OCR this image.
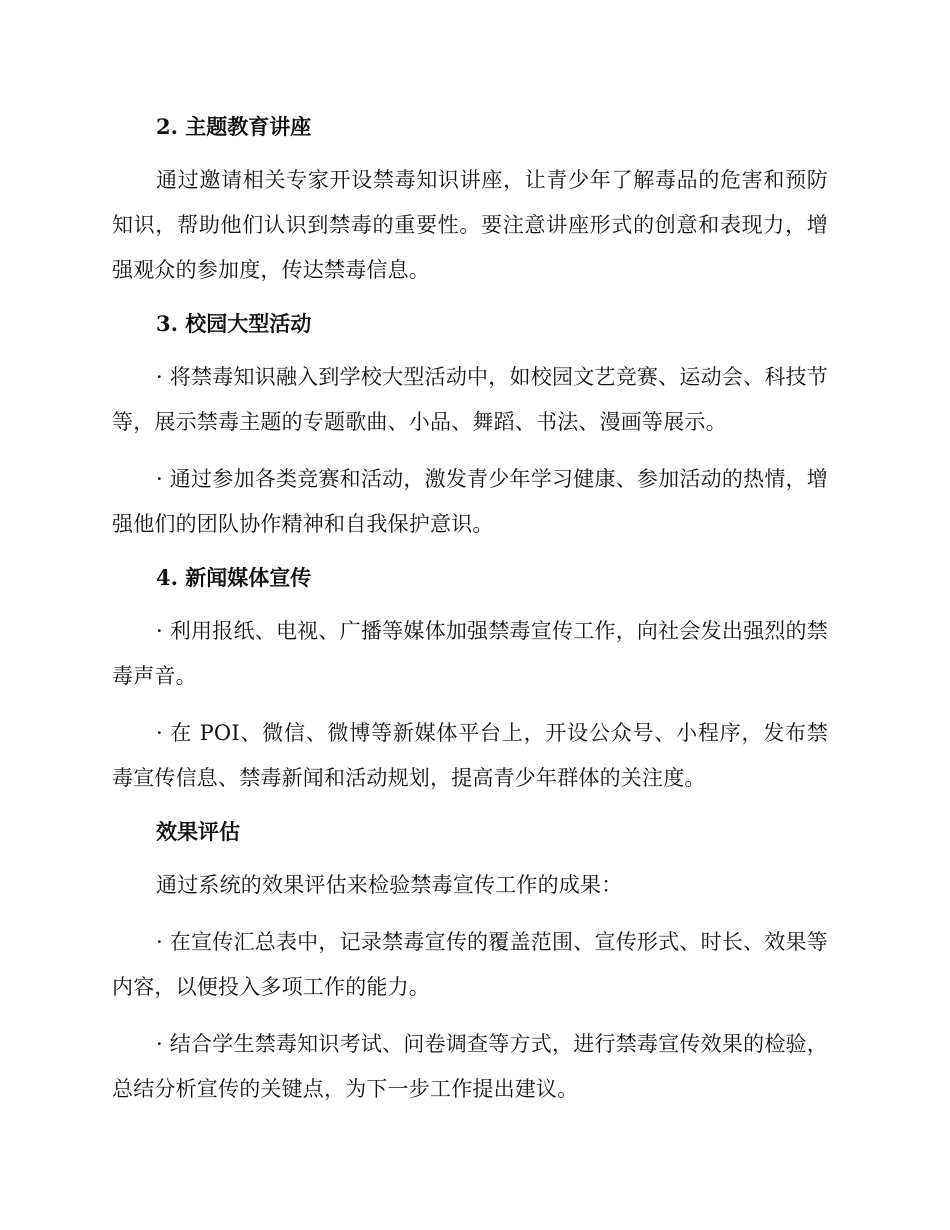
2. 主题教育讲座

通过邀请相关专家开设禁毒知识讲座，让青少年了解毒品的危害和预防知识，帮助他们认识到禁毒的重要性。要注意讲座形式的创意和表现力，增强观众的参加度，传达禁毒信息。

3. 校园大型活动

· 将禁毒知识融入到学校大型活动中，如校园文艺竞赛、运动会、科技节等，展示禁毒主题的专题歌曲、小品、舞蹈、书法、漫画等展示。

· 通过参加各类竞赛和活动，激发青少年学习健康、参加活动的热情，增强他们的团队协作精神和自我保护意识。

4. 新闻媒体宣传

· 利用报纸、电视、广播等媒体加强禁毒宣传工作，向社会发出强烈的禁毒声音。

· 在 POI、微信、微博等新媒体平台上，开设公众号、小程序，发布禁毒宣传信息、禁毒新闻和活动规划，提高青少年群体的关注度。

效果评估

通过系统的效果评估来检验禁毒宣传工作的成果：

· 在宣传汇总表中，记录禁毒宣传的覆盖范围、宣传形式、时长、效果等内容，以便投入多项工作的能力。

· 结合学生禁毒知识考试、问卷调查等方式，进行禁毒宣传效果的检验，总结分析宣传的关键点，为下一步工作提出建议。
